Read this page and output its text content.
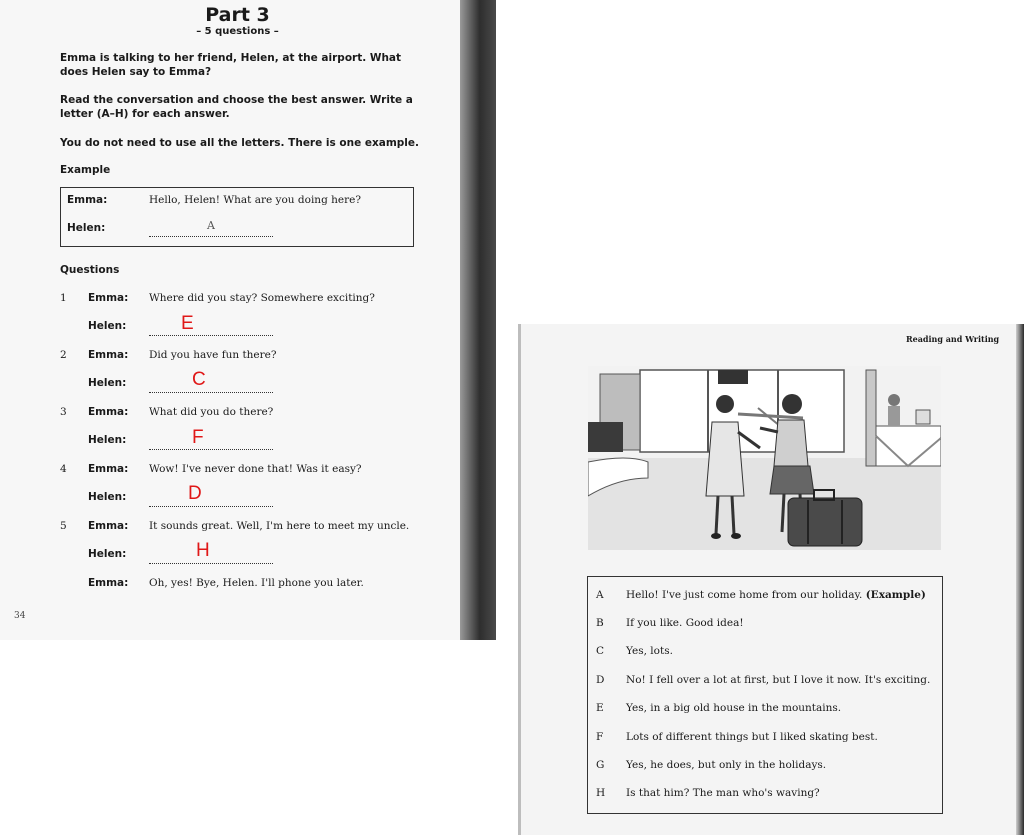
Part 3
– 5 questions –
Emma is talking to her friend, Helen, at the airport. What does Helen say to Emma?
Read the conversation and choose the best answer. Write a letter (A–H) for each answer.
You do not need to use all the letters. There is one example.
Example
Emma:	Hello, Helen! What are you doing here?
Helen:	A
Questions
1 Emma: Where did you stay? Somewhere exciting?
Helen:	E
2 Emma: Did you have fun there?
Helen:	C
3 Emma: What did you do there?
Helen:	F
4 Emma: Wow! I've never done that! Was it easy?
Helen:	D
5 Emma: It sounds great. Well, I'm here to meet my uncle.
Helen:	H
Emma: Oh, yes! Bye, Helen. I'll phone you later.
34
Reading and Writing
A Hello! I've just come home from our holiday. (Example)
B If you like. Good idea!
C Yes, lots.
D No! I fell over a lot at first, but I love it now. It's exciting.
E Yes, in a big old house in the mountains.
F Lots of different things but I liked skating best.
G Yes, he does, but only in the holidays.
H Is that him? The man who's waving?
